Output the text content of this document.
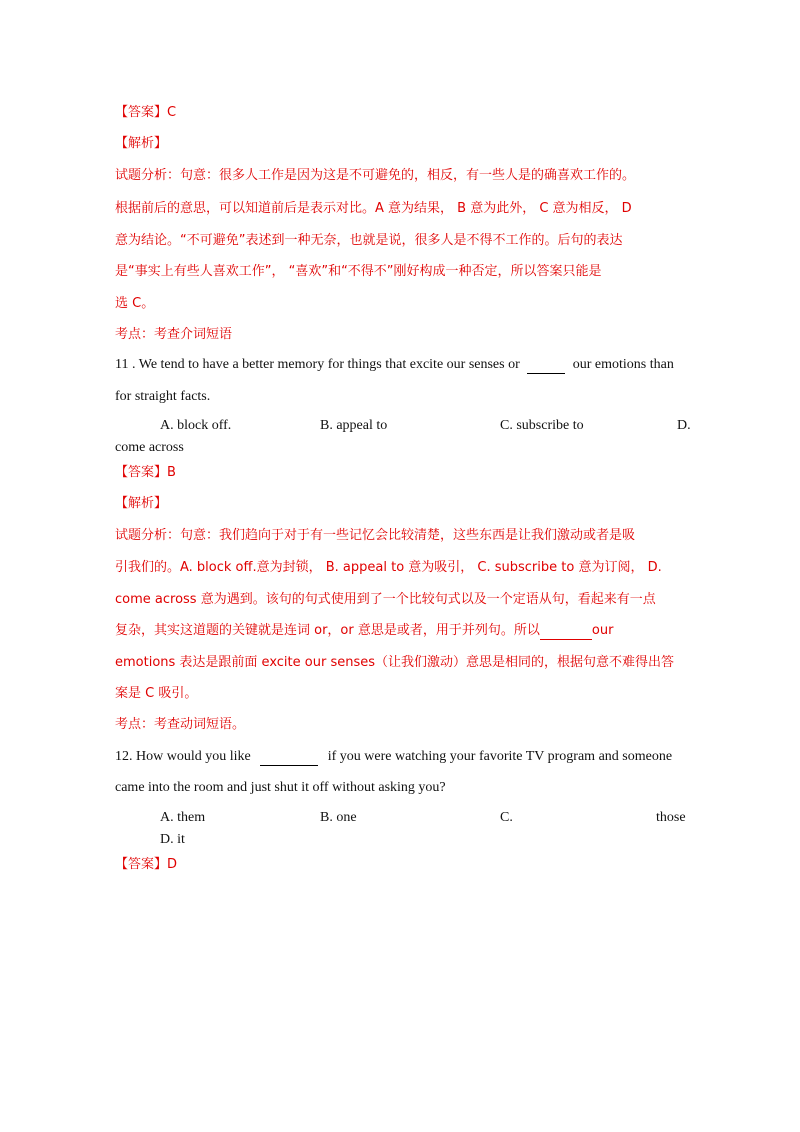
【答案】C
【解析】
试题分析：句意：很多人工作是因为这是不可避免的，相反，有一些人是的确喜欢工作的。
根据前后的意思，可以知道前后是表示对比。A 意为结果， B 意为此外， C 意为相反， D
意为结论。“不可避免”表述到一种无奈，也就是说，很多人是不得不工作的。后句的表达
是“事实上有些人喜欢工作”， “喜欢”和“不得不”刚好构成一种否定，所以答案只能是
选 C。
考点：考查介词短语
11 . We tend to have a better memory for things that excite our senses or	our emotions than
for straight facts.
A. block off.	B. appeal to	C. subscribe to	D.
come across
【答案】B
【解析】
试题分析：句意：我们趋向于对于有一些记忆会比较清楚，这些东西是让我们激动或者是吸
引我们的。A. block off.意为封锁， B. appeal to 意为吸引， C. subscribe to 意为订阅， D.
come across 意为遇到。该句的句式使用到了一个比较句式以及一个定语从句，看起来有一点
复杂，其实这道题的关键就是连词 or，or 意思是或者，用于并列句。所以	our
emotions 表达是跟前面 excite our senses（让我们激动）意思是相同的，根据句意不难得出答
案是 C 吸引。
考点：考查动词短语。
12. How would you like	if you were watching your favorite TV program and someone
came into the room and just shut it off without asking you?
A. them	B. one	C.	those
D. it
【答案】D
